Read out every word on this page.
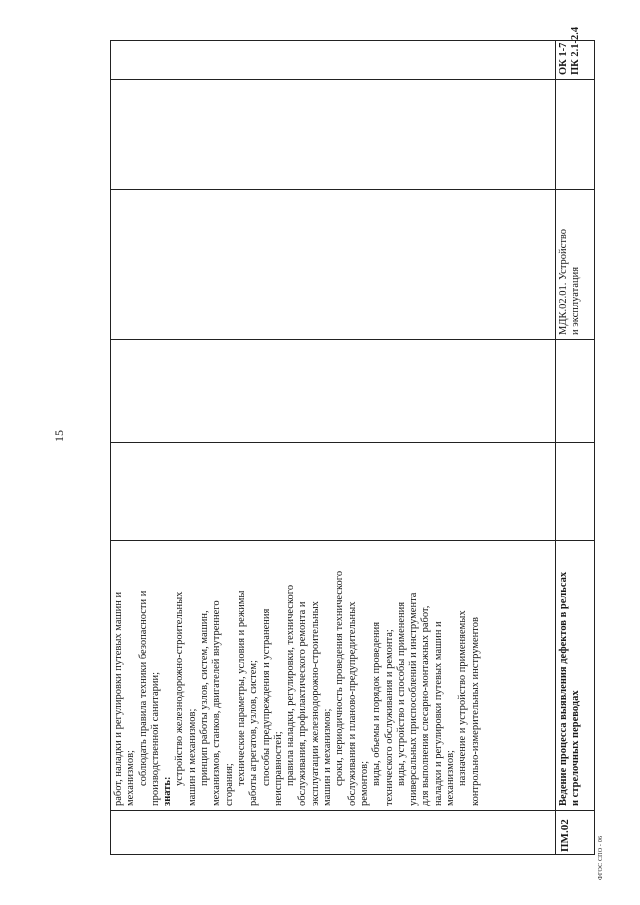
15
работ, наладки и регулировки путевых машин и механизмов; соблюдать правила техники безопасности и производственной санитарии; знать:
устройство железнодорожно-строительных машин и механизмов; принцип работы узлов, систем, машин, механизмов, станков, двигателей внутреннего сгорания; технические параметры, условия и режимы работы агрегатов, узлов, систем; способы предупреждения и устранения неисправностей; правила наладки, регулировки, технического обслуживания, профилактического ремонта и эксплуатации железнодорожно-строительных машин и механизмов; сроки, периодичность проведения технического обслуживания и планово-предупредительных ремонтов; виды, объемы и порядок проведения технического обслуживания и ремонта; виды, устройство и способы применения универсальных приспособлений и инструмента для выполнения слесарно-монтажных работ, наладки и регулировки путевых машин и механизмов; назначение и устройство применяемых контрольно-измерительных инструментов
ПМ.02
Ведение процесса выявления дефектов в рельсах и стрелочных переводах
МДК.02.01. Устройство и эксплуатация
ОК 1-7 ПК 2.1-2.4
ФГОС СПО - 06
